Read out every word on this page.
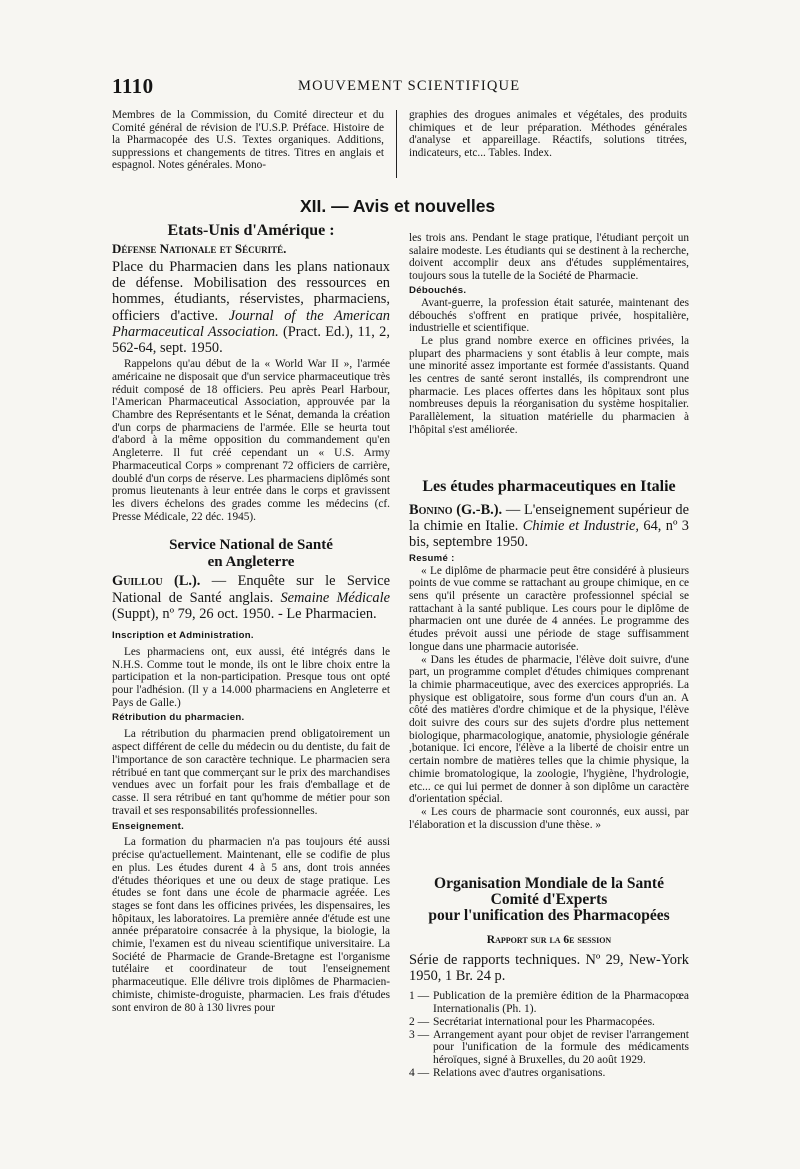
1110	MOUVEMENT SCIENTIFIQUE

Membres de la Commission, du Comité directeur et du Comité général de révision de l'U.S.P. Préface. Histoire de la Pharmacopée des U.S. Textes organiques. Additions, suppressions et changements de titres. Titres en anglais et espagnol. Notes générales. Mono-

graphies des drogues animales et végétales, des produits chimiques et de leur préparation. Méthodes générales d'analyse et appareillage. Réactifs, solutions titrées, indicateurs, etc... Tables. Index.

XII. — Avis et nouvelles
Etats-Unis d'Amérique :
Défense Nationale et Sécurité.
Place du Pharmacien dans les plans nationaux de défense. Mobilisation des ressources en hommes, étudiants, réservistes, pharmaciens, officiers d'active. Journal of the American Pharmaceutical Association. (Pract. Ed.), 11, 2, 562-64, sept. 1950.

Rappelons qu'au début de la « World War II », l'armée américaine ne disposait que d'un service pharmaceutique très réduit composé de 18 officiers. Peu après Pearl Harbour, l'American Pharmaceutical Association, approuvée par la Chambre des Représentants et le Sénat, demanda la création d'un corps de pharmaciens de l'armée. Elle se heurta tout d'abord à la même opposition du commandement qu'en Angleterre. Il fut créé cependant un « U.S. Army Pharmaceutical Corps » comprenant 72 officiers de carrière, doublé d'un corps de réserve. Les pharmaciens diplômés sont promus lieutenants à leur entrée dans le corps et gravissent les divers échelons des grades comme les médecins (cf. Presse Médicale, 22 déc. 1945).

Service National de Santé
en Angleterre
Guillou (L.). — Enquête sur le Service National de Santé anglais. Semaine Médicale (Suppt), nº 79, 26 oct. 1950. - Le Pharmacien.
Inscription et Administration.

Les pharmaciens ont, eux aussi, été intégrés dans le N.H.S. Comme tout le monde, ils ont le libre choix entre la participation et la non-participation. Presque tous ont opté pour l'adhésion. (Il y a 14.000 pharmaciens en Angleterre et Pays de Galle.)

Rétribution du pharmacien.

La rétribution du pharmacien prend obligatoirement un aspect différent de celle du médecin ou du dentiste, du fait de l'importance de son caractère technique. Le pharmacien sera rétribué en tant que commerçant sur le prix des marchandises vendues avec un forfait pour les frais d'emballage et de casse. Il sera rétribué en tant qu'homme de métier pour son travail et ses responsabilités professionnelles.

Enseignement.

La formation du pharmacien n'a pas toujours été aussi précise qu'actuellement. Maintenant, elle se codifie de plus en plus. Les études durent 4 à 5 ans, dont trois années d'études théoriques et une ou deux de stage pratique. Les études se font dans une école de pharmacie agréée. Les stages se font dans les officines privées, les dispensaires, les hôpitaux, les laboratoires. La première année d'étude est une année préparatoire consacrée à la physique, la biologie, la chimie, l'examen est du niveau scientifique universitaire. La Société de Pharmacie de Grande-Bretagne est l'organisme tutélaire et coordinateur de tout l'enseignement pharmaceutique. Elle délivre trois diplômes de Pharmacien-chimiste, chimiste-droguiste, pharmacien. Les frais d'études sont environ de 80 à 130 livres pour

les trois ans. Pendant le stage pratique, l'étudiant perçoit un salaire modeste. Les étudiants qui se destinent à la recherche, doivent accomplir deux ans d'études supplémentaires, toujours sous la tutelle de la Société de Pharmacie.

Débouchés.

Avant-guerre, la profession était saturée, maintenant des débouchés s'offrent en pratique privée, hospitalière, industrielle et scientifique.

Le plus grand nombre exerce en officines privées, la plupart des pharmaciens y sont établis à leur compte, mais une minorité assez importante est formée d'assistants. Quand les centres de santé seront installés, ils comprendront une pharmacie. Les places offertes dans les hôpitaux sont plus nombreuses depuis la réorganisation du système hospitalier. Parallèlement, la situation matérielle du pharmacien à l'hôpital s'est améliorée.

Les études pharmaceutiques en Italie
Bonino (G.-B.). — L'enseignement supérieur de la chimie en Italie. Chimie et Industrie, 64, nº 3 bis, septembre 1950.
Resumé :

« Le diplôme de pharmacie peut être considéré à plusieurs points de vue comme se rattachant au groupe chimique, en ce sens qu'il présente un caractère professionnel spécial se rattachant à la santé publique. Les cours pour le diplôme de pharmacien ont une durée de 4 années. Le programme des études prévoit aussi une période de stage suffisamment longue dans une pharmacie autorisée.

« Dans les études de pharmacie, l'élève doit suivre, d'une part, un programme complet d'études chimiques comprenant la chimie pharmaceutique, avec des exercices appropriés. La physique est obligatoire, sous forme d'un cours d'un an. A côté des matières d'ordre chimique et de la physique, l'élève doit suivre des cours sur des sujets d'ordre plus nettement biologique, pharmacologique, anatomie, physiologie générale ,botanique. Ici encore, l'élève a la liberté de choisir entre un certain nombre de matières telles que la chimie physique, la chimie bromatologique, la zoologie, l'hygiène, l'hydrologie, etc... ce qui lui permet de donner à son diplôme un caractère d'orientation spécial.

« Les cours de pharmacie sont couronnés, eux aussi, par l'élaboration et la discussion d'une thèse. »

Organisation Mondiale de la Santé
Comité d'Experts
pour l'unification des Pharmacopées
Rapport sur la 6e session
Série de rapports techniques. Nº 29, New-York 1950, 1 Br. 24 p.
1 — Publication de la première édition de la Pharmacopœa Internationalis (Ph. 1).
2 — Secrétariat international pour les Pharmacopées.
3 — Arrangement ayant pour objet de reviser l'arrangement pour l'unification de la formule des médicaments héroïques, signé à Bruxelles, du 20 août 1929.
4 — Relations avec d'autres organisations.
